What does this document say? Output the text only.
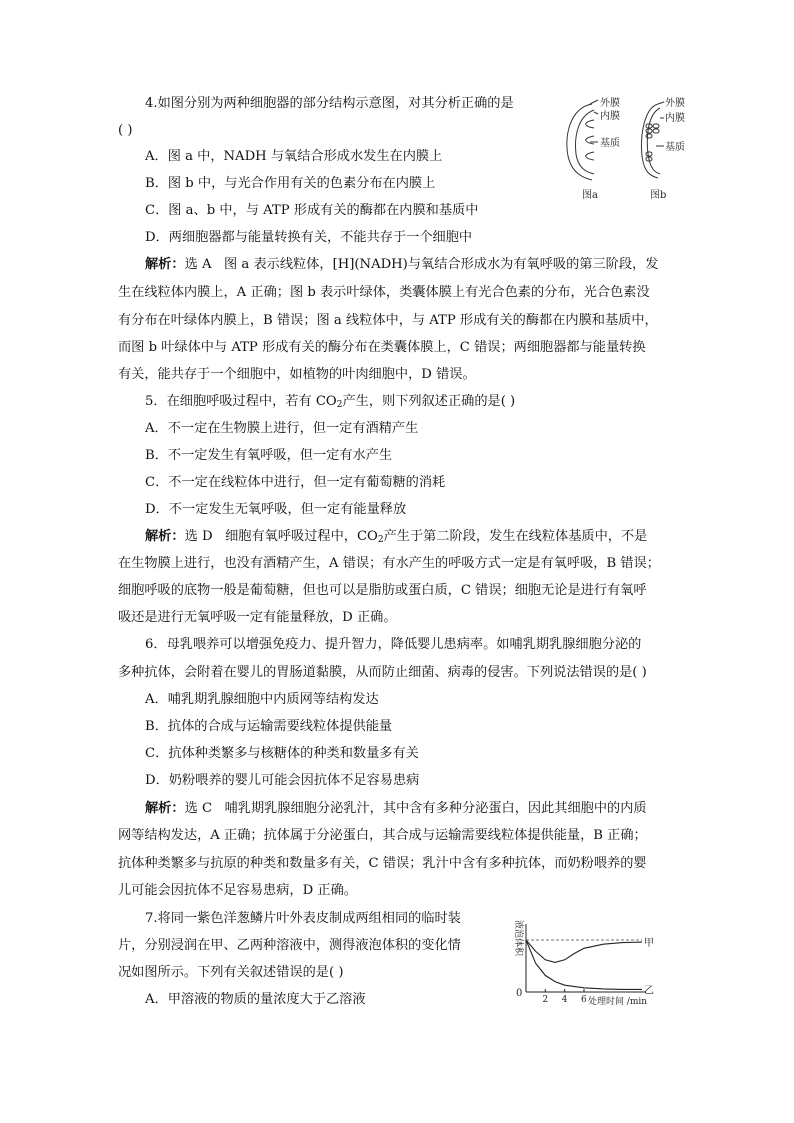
4.如图分别为两种细胞器的部分结构示意图，对其分析正确的是
( )
A．图 a 中，NADH 与氧结合形成水发生在内膜上
B．图 b 中，与光合作用有关的色素分布在内膜上
C．图 a、b 中，与 ATP 形成有关的酶都在内膜和基质中
D．两细胞器都与能量转换有关，不能共存于一个细胞中
外膜
内膜
基质
图a
外膜
内膜
基质
图b
解析：选 A 图 a 表示线粒体，[H](NADH)与氧结合形成水为有氧呼吸的第三阶段，发
生在线粒体内膜上，A 正确；图 b 表示叶绿体，类囊体膜上有光合色素的分布，光合色素没
有分布在叶绿体内膜上，B 错误；图 a 线粒体中，与 ATP 形成有关的酶都在内膜和基质中，
而图 b 叶绿体中与 ATP 形成有关的酶分布在类囊体膜上，C 错误；两细胞器都与能量转换
有关，能共存于一个细胞中，如植物的叶肉细胞中，D 错误。
5．在细胞呼吸过程中，若有 $CO_2$产生，则下列叙述正确的是( )
A．不一定在生物膜上进行，但一定有酒精产生
B．不一定发生有氧呼吸，但一定有水产生
C．不一定在线粒体中进行，但一定有葡萄糖的消耗
D．不一定发生无氧呼吸，但一定有能量释放
解析：选 D 细胞有氧呼吸过程中，$CO_2$产生于第二阶段，发生在线粒体基质中，不是
在生物膜上进行，也没有酒精产生，A 错误；有水产生的呼吸方式一定是有氧呼吸，B 错误；
细胞呼吸的底物一般是葡萄糖，但也可以是脂肪或蛋白质，C 错误；细胞无论是进行有氧呼
吸还是进行无氧呼吸一定有能量释放，D 正确。
6．母乳喂养可以增强免疫力、提升智力，降低婴儿患病率。如哺乳期乳腺细胞分泌的
多种抗体，会附着在婴儿的胃肠道黏膜，从而防止细菌、病毒的侵害。下列说法错误的是( )
A．哺乳期乳腺细胞中内质网等结构发达
B．抗体的合成与运输需要线粒体提供能量
C．抗体种类繁多与核糖体的种类和数量多有关
D．奶粉喂养的婴儿可能会因抗体不足容易患病
解析：选 C 哺乳期乳腺细胞分泌乳汁，其中含有多种分泌蛋白，因此其细胞中的内质
网等结构发达，A 正确；抗体属于分泌蛋白，其合成与运输需要线粒体提供能量，B 正确；
抗体种类繁多与抗原的种类和数量多有关，C 错误；乳汁中含有多种抗体，而奶粉喂养的婴
儿可能会因抗体不足容易患病，D 正确。
7.将同一紫色洋葱鳞片叶外表皮制成两组相同的临时装
片，分别浸润在甲、乙两种溶液中，测得液泡体积的变化情
况如图所示。下列有关叙述错误的是( )
A．甲溶液的物质的量浓度大于乙溶液
液泡体积
0
处理时间 /min
2 4 6
甲
乙
